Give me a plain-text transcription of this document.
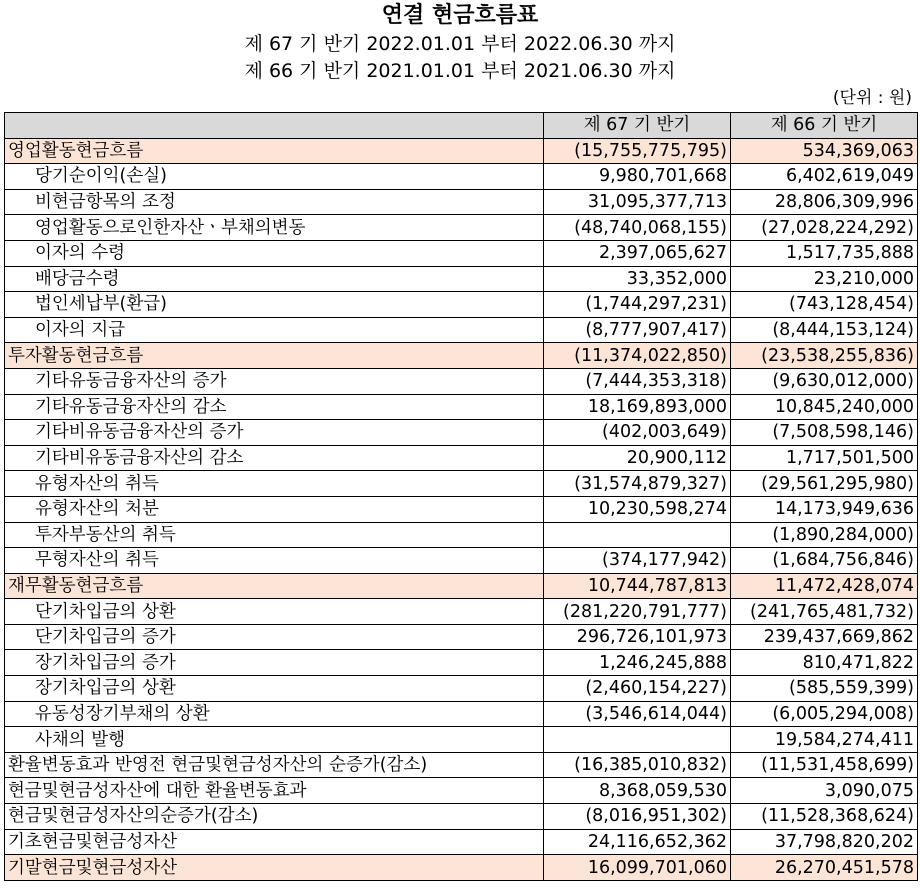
연결 현금흐름표
제 67 기 반기 2022.01.01 부터 2022.06.30 까지
제 66 기 반기 2021.01.01 부터 2021.06.30 까지
(단위 : 원)
	제 67 기 반기	제 66 기 반기
영업활동현금흐름	(15,755,775,795)	534,369,063
당기순이익(손실)	9,980,701,668	6,402,619,049
비현금항목의 조정	31,095,377,713	28,806,309,996
영업활동으로인한자산ㆍ부채의변동	(48,740,068,155)	(27,028,224,292)
이자의 수령	2,397,065,627	1,517,735,888
배당금수령	33,352,000	23,210,000
법인세납부(환급)	(1,744,297,231)	(743,128,454)
이자의 지급	(8,777,907,417)	(8,444,153,124)
투자활동현금흐름	(11,374,022,850)	(23,538,255,836)
기타유동금융자산의 증가	(7,444,353,318)	(9,630,012,000)
기타유동금융자산의 감소	18,169,893,000	10,845,240,000
기타비유동금융자산의 증가	(402,003,649)	(7,508,598,146)
기타비유동금융자산의 감소	20,900,112	1,717,501,500
유형자산의 취득	(31,574,879,327)	(29,561,295,980)
유형자산의 처분	10,230,598,274	14,173,949,636
투자부동산의 취득		(1,890,284,000)
무형자산의 취득	(374,177,942)	(1,684,756,846)
재무활동현금흐름	10,744,787,813	11,472,428,074
단기차입금의 상환	(281,220,791,777)	(241,765,481,732)
단기차입금의 증가	296,726,101,973	239,437,669,862
장기차입금의 증가	1,246,245,888	810,471,822
장기차입금의 상환	(2,460,154,227)	(585,559,399)
유동성장기부채의 상환	(3,546,614,044)	(6,005,294,008)
사채의 발행		19,584,274,411
환율변동효과 반영전 현금및현금성자산의 순증가(감소)	(16,385,010,832)	(11,531,458,699)
현금및현금성자산에 대한 환율변동효과	8,368,059,530	3,090,075
현금및현금성자산의순증가(감소)	(8,016,951,302)	(11,528,368,624)
기초현금및현금성자산	24,116,652,362	37,798,820,202
기말현금및현금성자산	16,099,701,060	26,270,451,578
